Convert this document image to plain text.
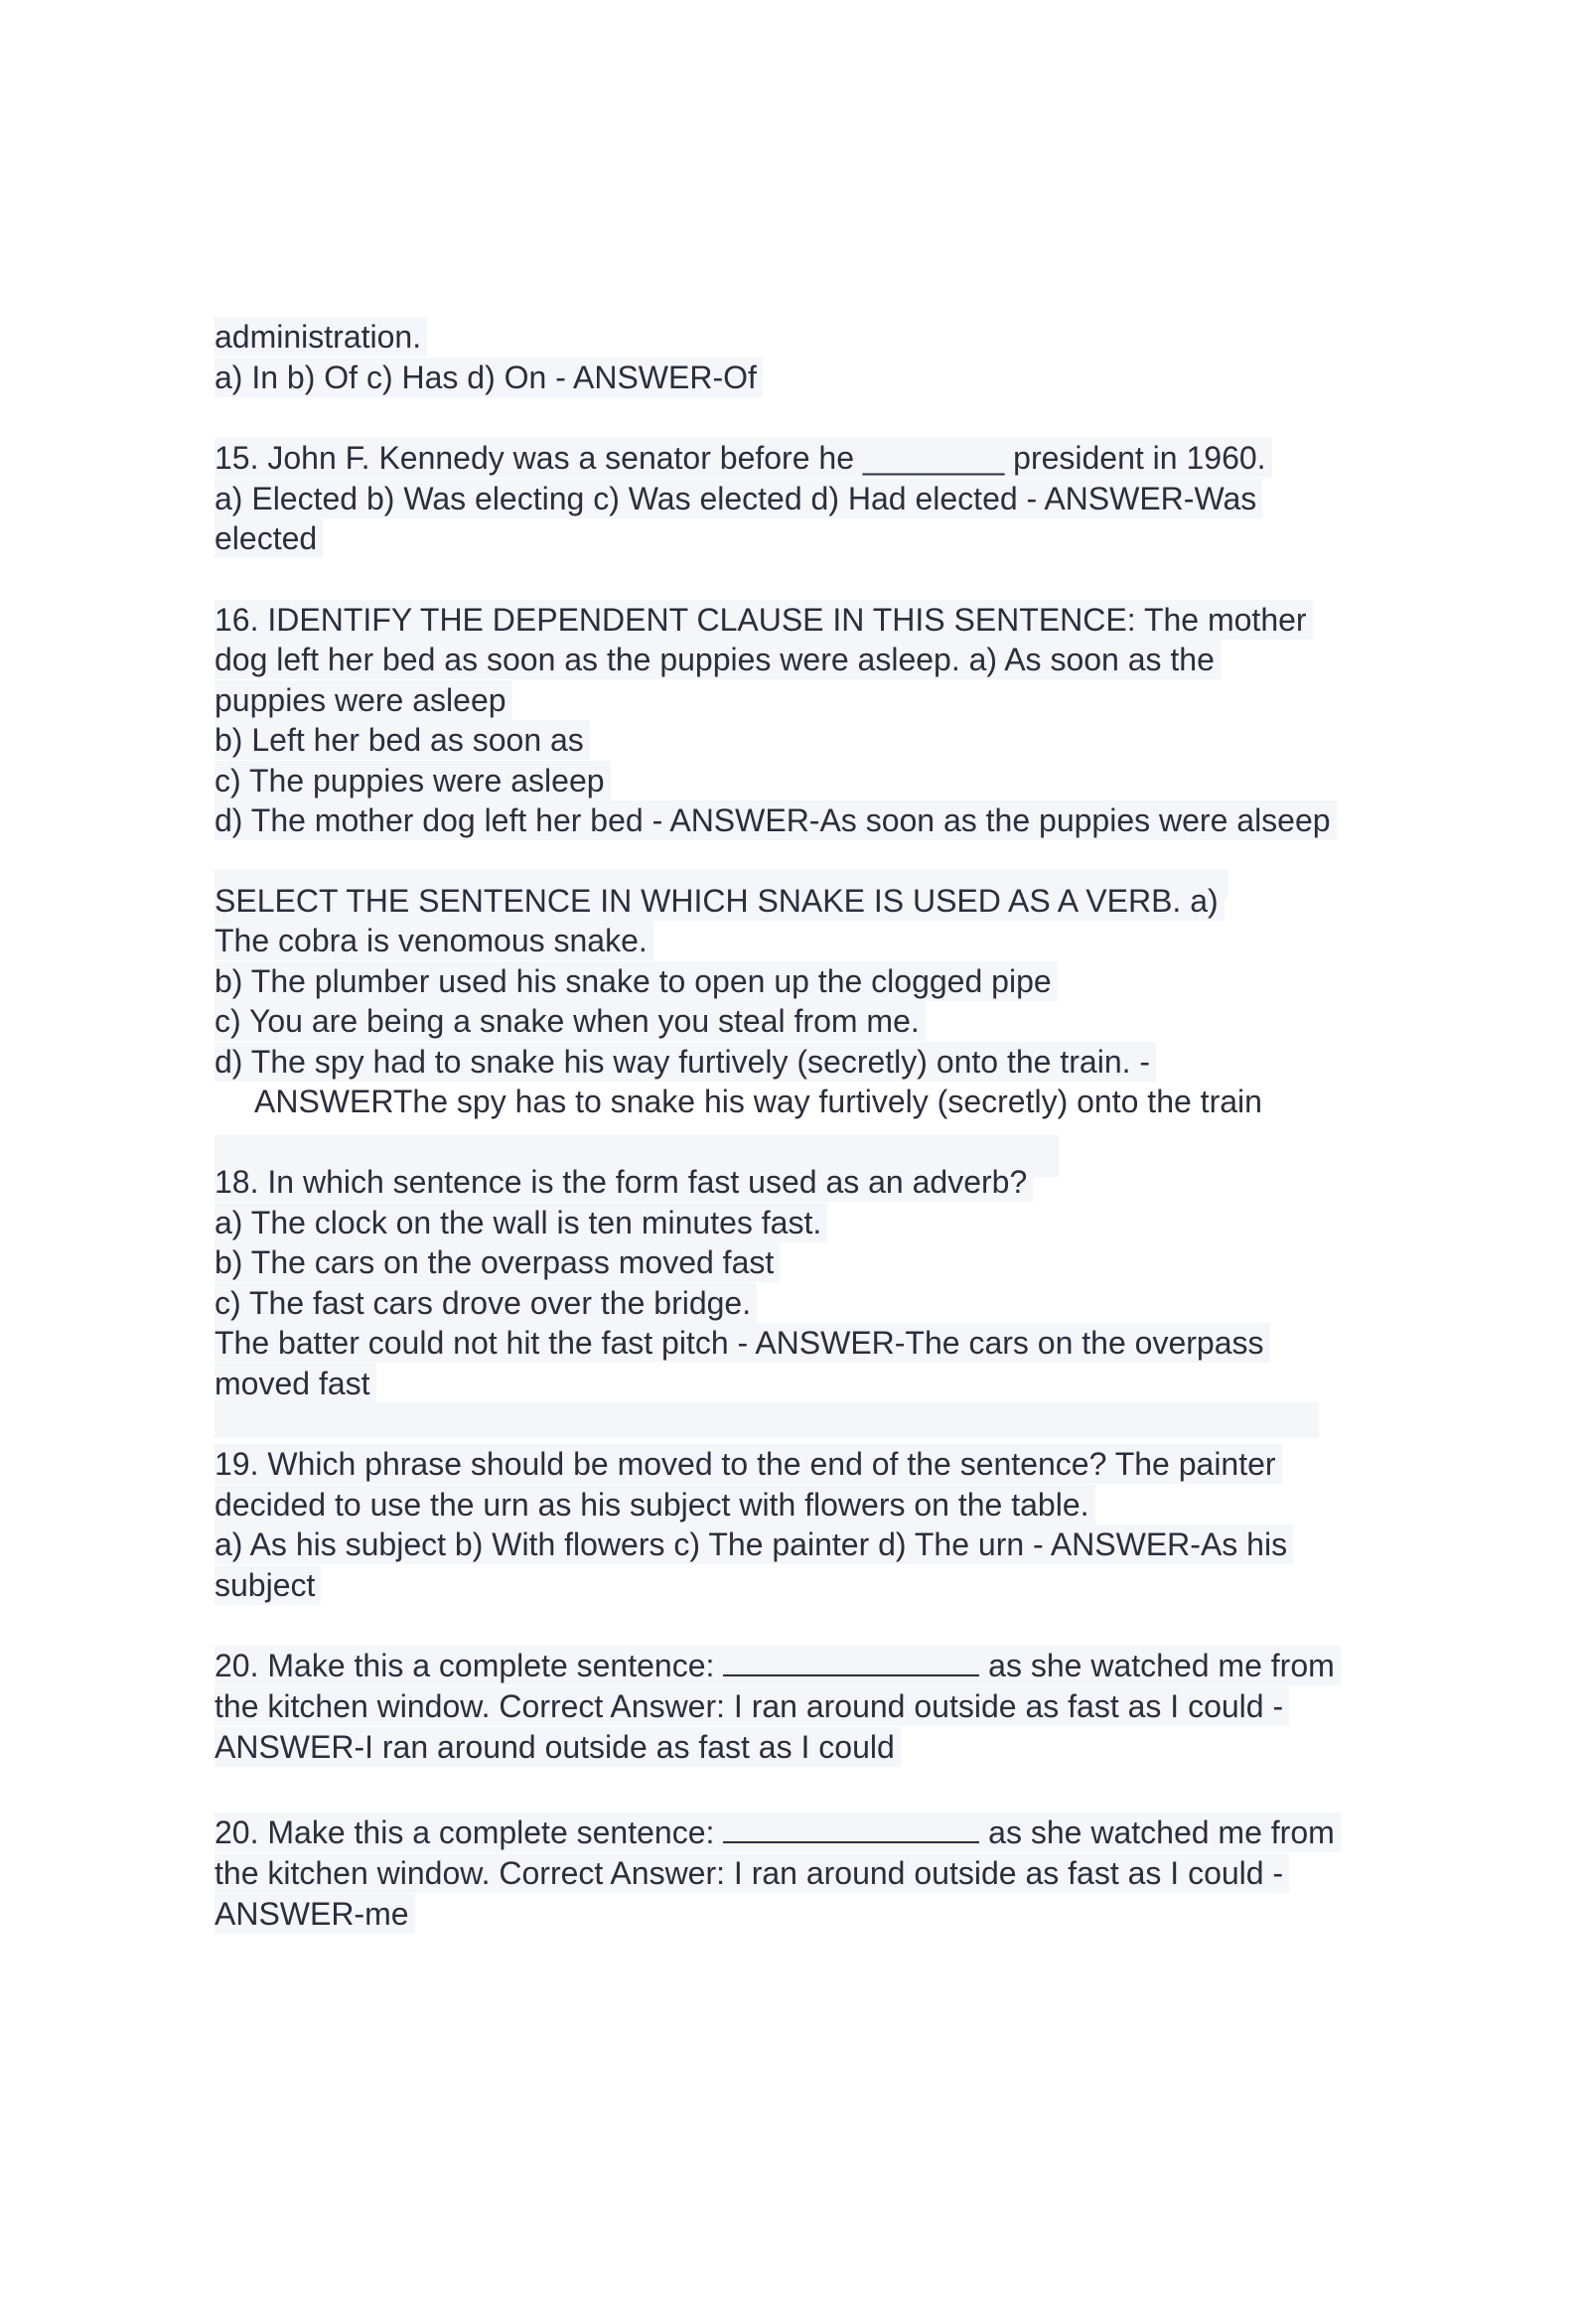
administration.
a) In b) Of c) Has d) On - ANSWER-Of
15. John F. Kennedy was a senator before he ________ president in 1960.
a) Elected b) Was electing c) Was elected d) Had elected - ANSWER-Was
elected
16. IDENTIFY THE DEPENDENT CLAUSE IN THIS SENTENCE: The mother
dog left her bed as soon as the puppies were asleep. a) As soon as the
puppies were asleep
b) Left her bed as soon as
c) The puppies were asleep
d) The mother dog left her bed - ANSWER-As soon as the puppies were alseep
SELECT THE SENTENCE IN WHICH SNAKE IS USED AS A VERB. a)
The cobra is venomous snake.
b) The plumber used his snake to open up the clogged pipe
c) You are being a snake when you steal from me.
d) The spy had to snake his way furtively (secretly) onto the train. -
ANSWERThe spy has to snake his way furtively (secretly) onto the train
18. In which sentence is the form fast used as an adverb?
a) The clock on the wall is ten minutes fast.
b) The cars on the overpass moved fast
c) The fast cars drove over the bridge.
The batter could not hit the fast pitch - ANSWER-The cars on the overpass
moved fast
19. Which phrase should be moved to the end of the sentence? The painter
decided to use the urn as his subject with flowers on the table.
a) As his subject b) With flowers c) The painter d) The urn - ANSWER-As his
subject
20. Make this a complete sentence:	as she watched me from
the kitchen window. Correct Answer: I ran around outside as fast as I could -
ANSWER-I ran around outside as fast as I could
20. Make this a complete sentence:	as she watched me from
the kitchen window. Correct Answer: I ran around outside as fast as I could -
ANSWER-me
